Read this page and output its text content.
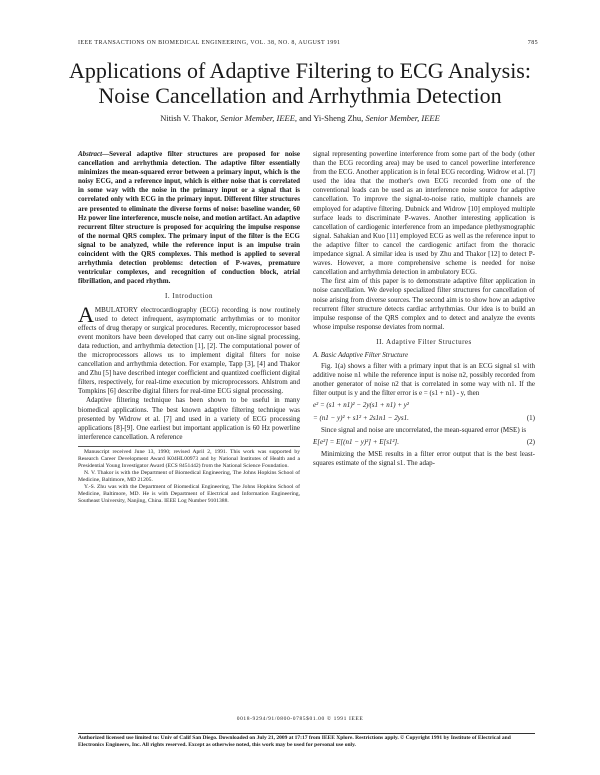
IEEE TRANSACTIONS ON BIOMEDICAL ENGINEERING, VOL. 38, NO. 8, AUGUST 1991	785
Applications of Adaptive Filtering to ECG Analysis:
Noise Cancellation and Arrhythmia Detection
Nitish V. Thakor, Senior Member, IEEE, and Yi-Sheng Zhu, Senior Member, IEEE
Abstract—Several adaptive filter structures are proposed for noise cancellation and arrhythmia detection. The adaptive filter essentially minimizes the mean-squared error between a primary input, which is the noisy ECG, and a reference input, which is either noise that is correlated in some way with the noise in the primary input or a signal that is correlated only with ECG in the primary input. Different filter structures are presented to eliminate the diverse forms of noise: baseline wander, 60 Hz power line interference, muscle noise, and motion artifact. An adaptive recurrent filter structure is proposed for acquiring the impulse response of the normal QRS complex. The primary input of the filter is the ECG signal to be analyzed, while the reference input is an impulse train coincident with the QRS complexes. This method is applied to several arrhythmia detection problems: detection of P-waves, premature ventricular complexes, and recognition of conduction block, atrial fibrillation, and paced rhythm.
I. Introduction

AMBULATORY electrocardiography (ECG) recording is now routinely used to detect infrequent, asymptomatic arrhythmias or to monitor effects of drug therapy or surgical procedures. Recently, microprocessor based event monitors have been developed that carry out on-line signal processing, data reduction, and arrhythmia detection [1], [2]. The computational power of the microprocessors allows us to implement digital filters for noise cancellation and arrhythmia detection. For example, Tapp [3], [4] and Thakor and Zhu [5] have described integer coefficient and quantized coefficient digital filters, respectively, for real-time execution by microprocessors. Ahlstrom and Tompkins [6] describe digital filters for real-time ECG signal processing.

Adaptive filtering technique has been shown to be useful in many biomedical applications. The best known adaptive filtering technique was presented by Widrow et al. [7] and used in a variety of ECG processing applications [8]-[9]. One earliest but important application is 60 Hz powerline interference cancellation. A reference

Manuscript received June 13, 1990; revised April 2, 1991. This work was supported by Research Career Development Award K04HL00973 and by National Institutes of Health and a Presidential Young Investigator Award (ECS 8451442) from the National Science Foundation.

N. V. Thakor is with the Department of Biomedical Engineering, The Johns Hopkins School of Medicine, Baltimore, MD 21205.

Y.-S. Zhu was with the Department of Biomedical Engineering, The Johns Hopkins School of Medicine, Baltimore, MD. He is with Department of Electrical and Information Engineering, Southeast University, Nanjing, China. IEEE Log Number 9101388.

signal representing powerline interference from some part of the body (other than the ECG recording area) may be used to cancel powerline interference from the ECG. Another application is in fetal ECG recording. Widrow et al. [7] used the idea that the mother's own ECG recorded from one of the conventional leads can be used as an interference noise source for adaptive cancellation. To improve the signal-to-noise ratio, multiple channels are employed for adaptive filtering. Dubnick and Widrow [10] employed multiple surface leads to discriminate P-waves. Another interesting application is cancellation of cardiogenic interference from an impedance plethysmographic signal. Sahakian and Kuo [11] employed ECG as well as the reference input to the adaptive filter to cancel the cardiogenic artifact from the thoracic impedance signal. A similar idea is used by Zhu and Thakor [12] to detect P-waves. However, a more comprehensive scheme is needed for noise cancellation and arrhythmia detection in ambulatory ECG.

The first aim of this paper is to demonstrate adaptive filter application in noise cancellation. We develop specialized filter structures for cancellation of noise arising from diverse sources. The second aim is to show how an adaptive recurrent filter structure detects cardiac arrhythmias. Our idea is to build an impulse response of the QRS complex and to detect and analyze the events whose impulse response deviates from normal.

II. Adaptive Filter Structures
A. Basic Adaptive Filter Structure

Fig. 1(a) shows a filter with a primary input that is an ECG signal s1 with additive noise n1 while the reference input is noise n2, possibly recorded from another generator of noise n2 that is correlated in some way with n1. If the filter output is y and the filter error is e = (s1 + n1) - y, then

e² = (s1 + n1)² − 2y(s1 + n1) + y²
= (n1 − y)² + s1² + 2s1n1 − 2ys1.	(1)

Since signal and noise are uncorrelated, the mean-squared error (MSE) is

E[e²] = E[(n1 − y)²] + E[s1²].	(2)

Minimizing the MSE results in a filter error output that is the best least-squares estimate of the signal s1. The adap-

0018-9294/91/0800-0785$01.00 © 1991 IEEE
Authorized licensed use limited to: Univ of Calif San Diego. Downloaded on July 21, 2009 at 17:17 from IEEE Xplore. Restrictions apply. © Copyright 1991 by Institute of Electrical and Electronics Engineers, Inc. All rights reserved. Except as otherwise noted, this work may be used for personal use only.
